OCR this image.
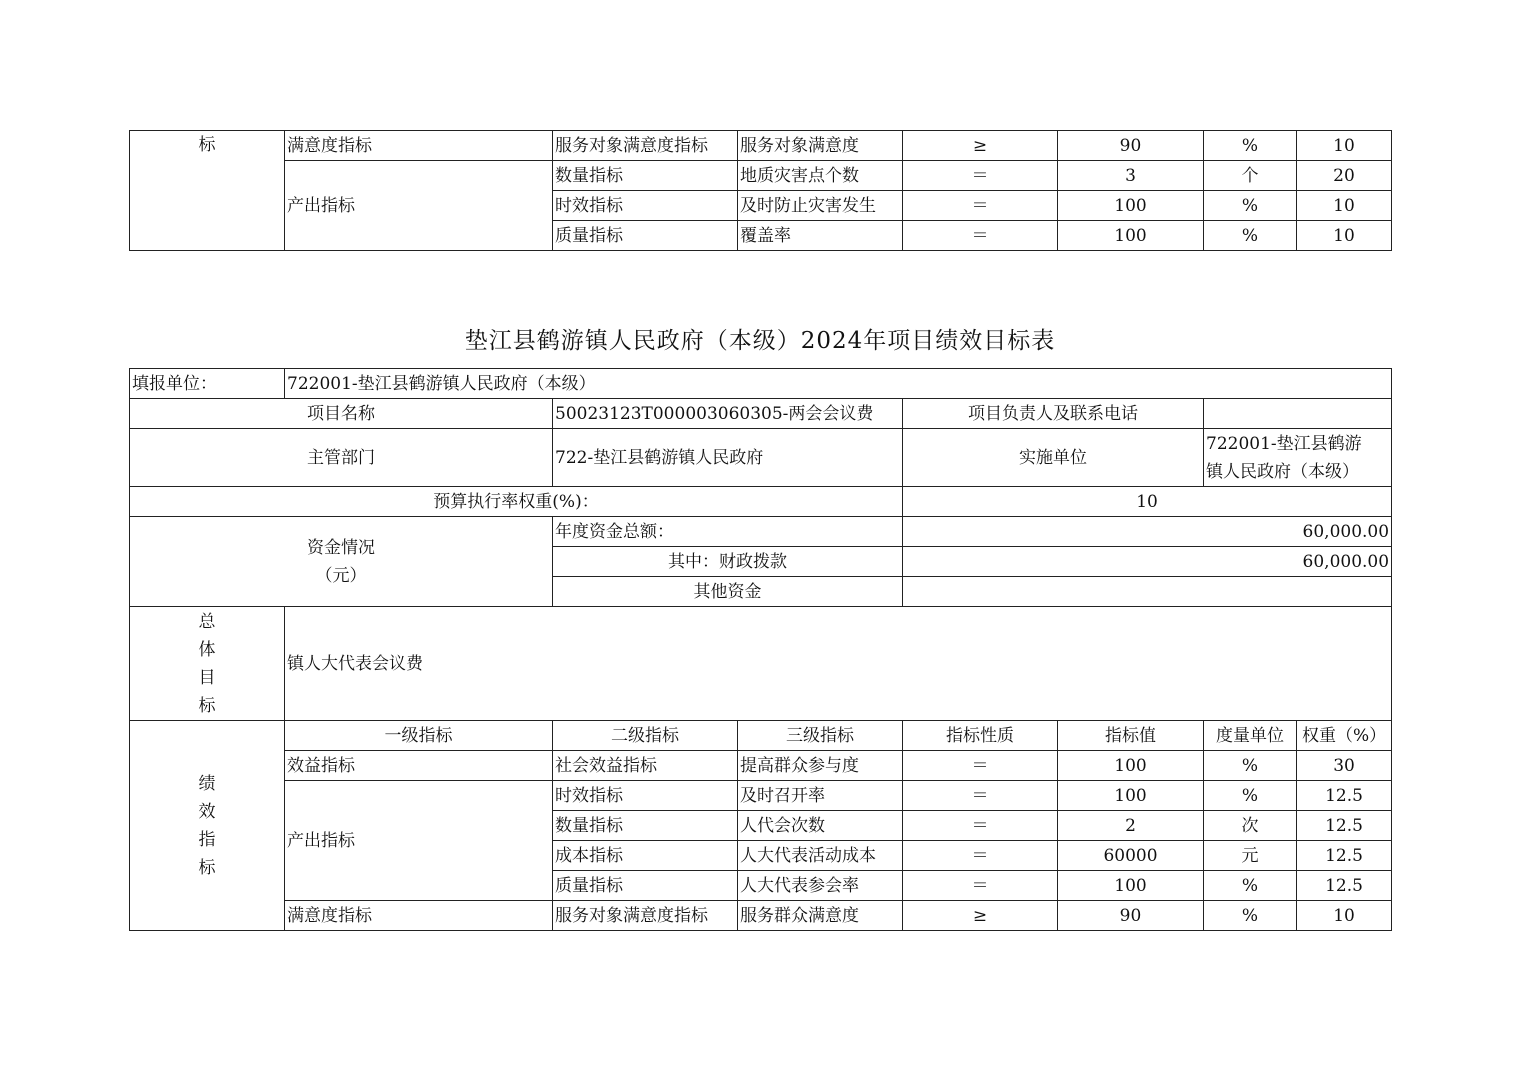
标	满意度指标	服务对象满意度指标	服务对象满意度	≥	90	%	10
	产出指标	数量指标	地质灾害点个数	＝	3	个	20
		时效指标	及时防止灾害发生	＝	100	%	10
		质量指标	覆盖率	＝	100	%	10
垫江县鹤游镇人民政府（本级）2024年项目绩效目标表
填报单位：	722001-垫江县鹤游镇人民政府（本级）						
项目名称		50023123T000003060305-两会会议费		项目负责人及联系电话			
主管部门		722-垫江县鹤游镇人民政府		实施单位		722001-垫江县鹤游
镇人民政府（本级）	

预算执行率权重(%)：				10			

资金情况
（元）		年度资金总额：		60,000.00			
		其中：财政拨款		60,000.00			
		其他资金					

总
体
目
标	镇人大代表会议费						

绩
效
指
标	一级指标	二级指标	三级指标	指标性质	指标值	度量单位	权重（%）
	效益指标	社会效益指标	提高群众参与度	＝	100	%	30
	产出指标	时效指标	及时召开率	＝	100	%	12.5
		数量指标	人代会次数	＝	2	次	12.5
		成本指标	人大代表活动成本	＝	60000	元	12.5
		质量指标	人大代表参会率	＝	100	%	12.5
	满意度指标	服务对象满意度指标	服务群众满意度	≥	90	%	10
